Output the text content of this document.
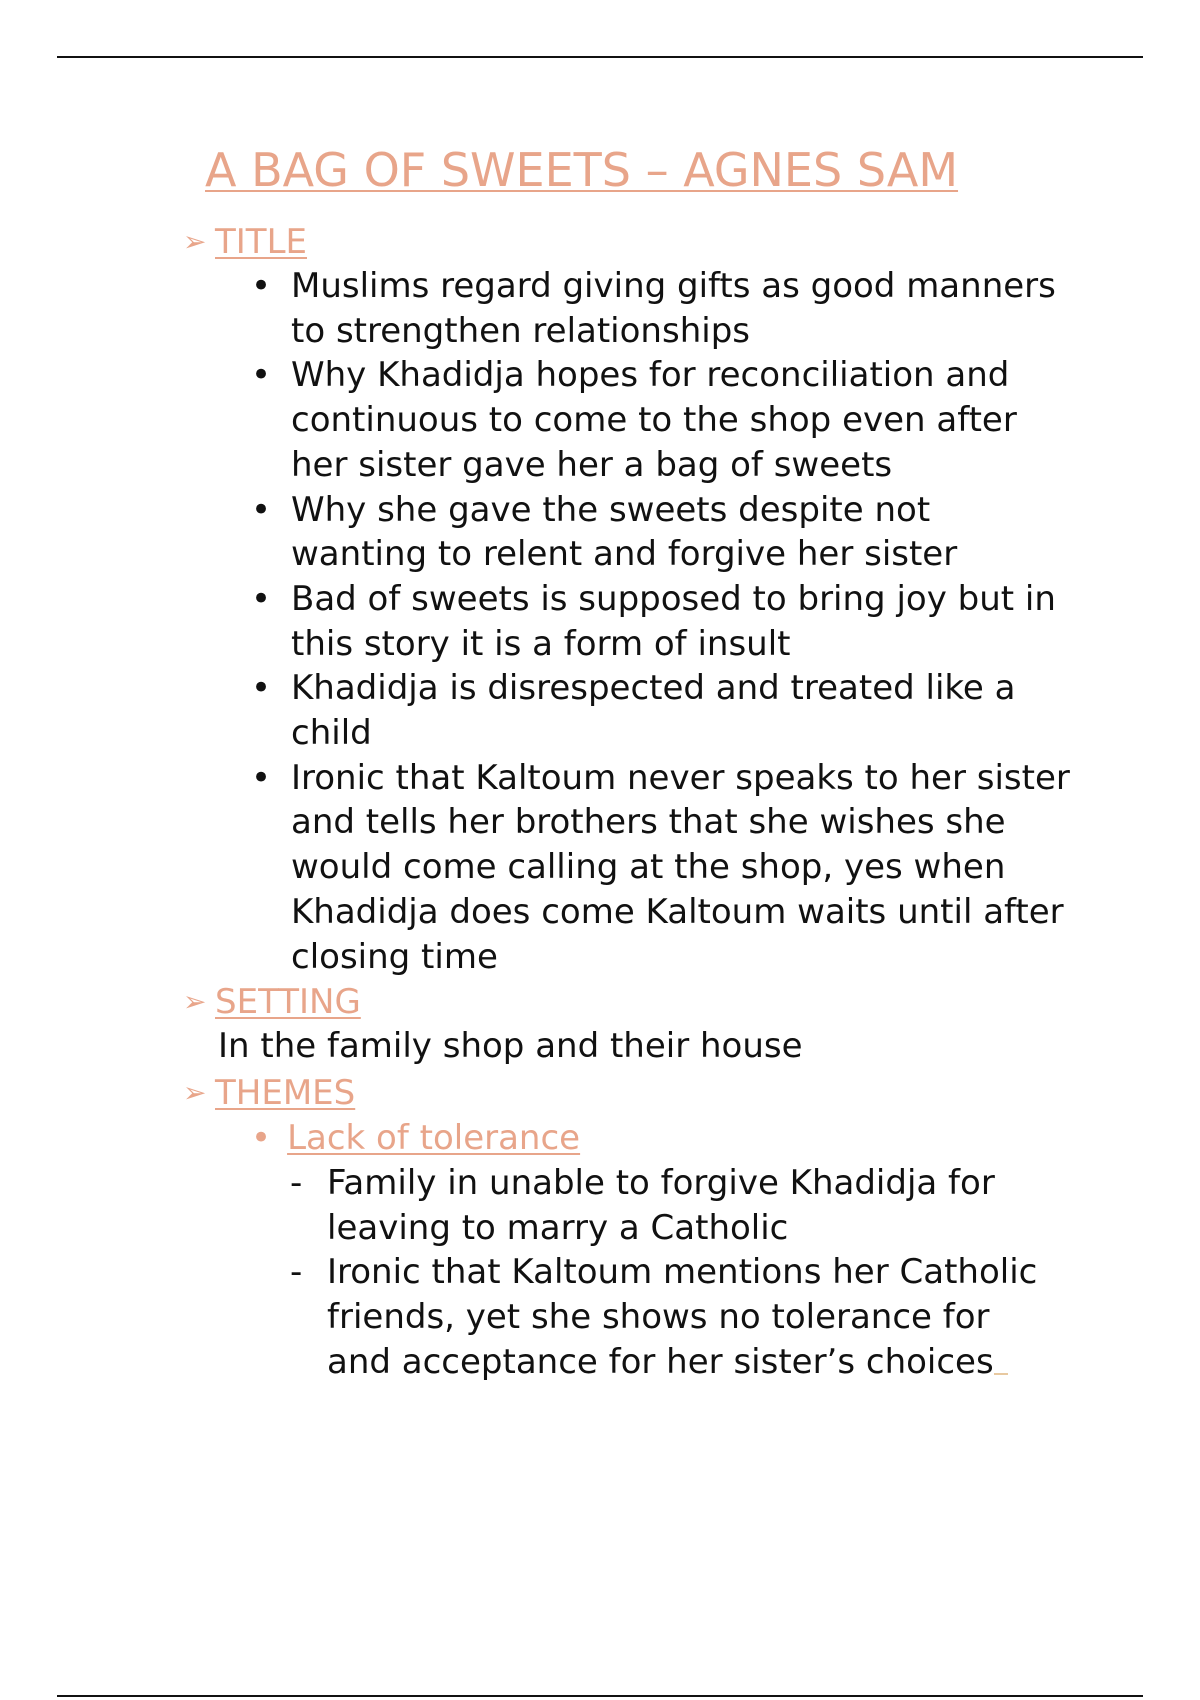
A BAG OF SWEETS – AGNES SAM
➢ TITLE
• Muslims regard giving gifts as good manners to strengthen relationships
• Why Khadidja hopes for reconciliation and continuous to come to the shop even after her sister gave her a bag of sweets
• Why she gave the sweets despite not wanting to relent and forgive her sister
• Bad of sweets is supposed to bring joy but in this story it is a form of insult
• Khadidja is disrespected and treated like a child
• Ironic that Kaltoum never speaks to her sister and tells her brothers that she wishes she would come calling at the shop, yes when Khadidja does come Kaltoum waits until after closing time
➢ SETTING
In the family shop and their house
➢ THEMES
• Lack of tolerance
- Family in unable to forgive Khadidja for leaving to marry a Catholic
- Ironic that Kaltoum mentions her Catholic friends, yet she shows no tolerance for and acceptance for her sister’s choices
